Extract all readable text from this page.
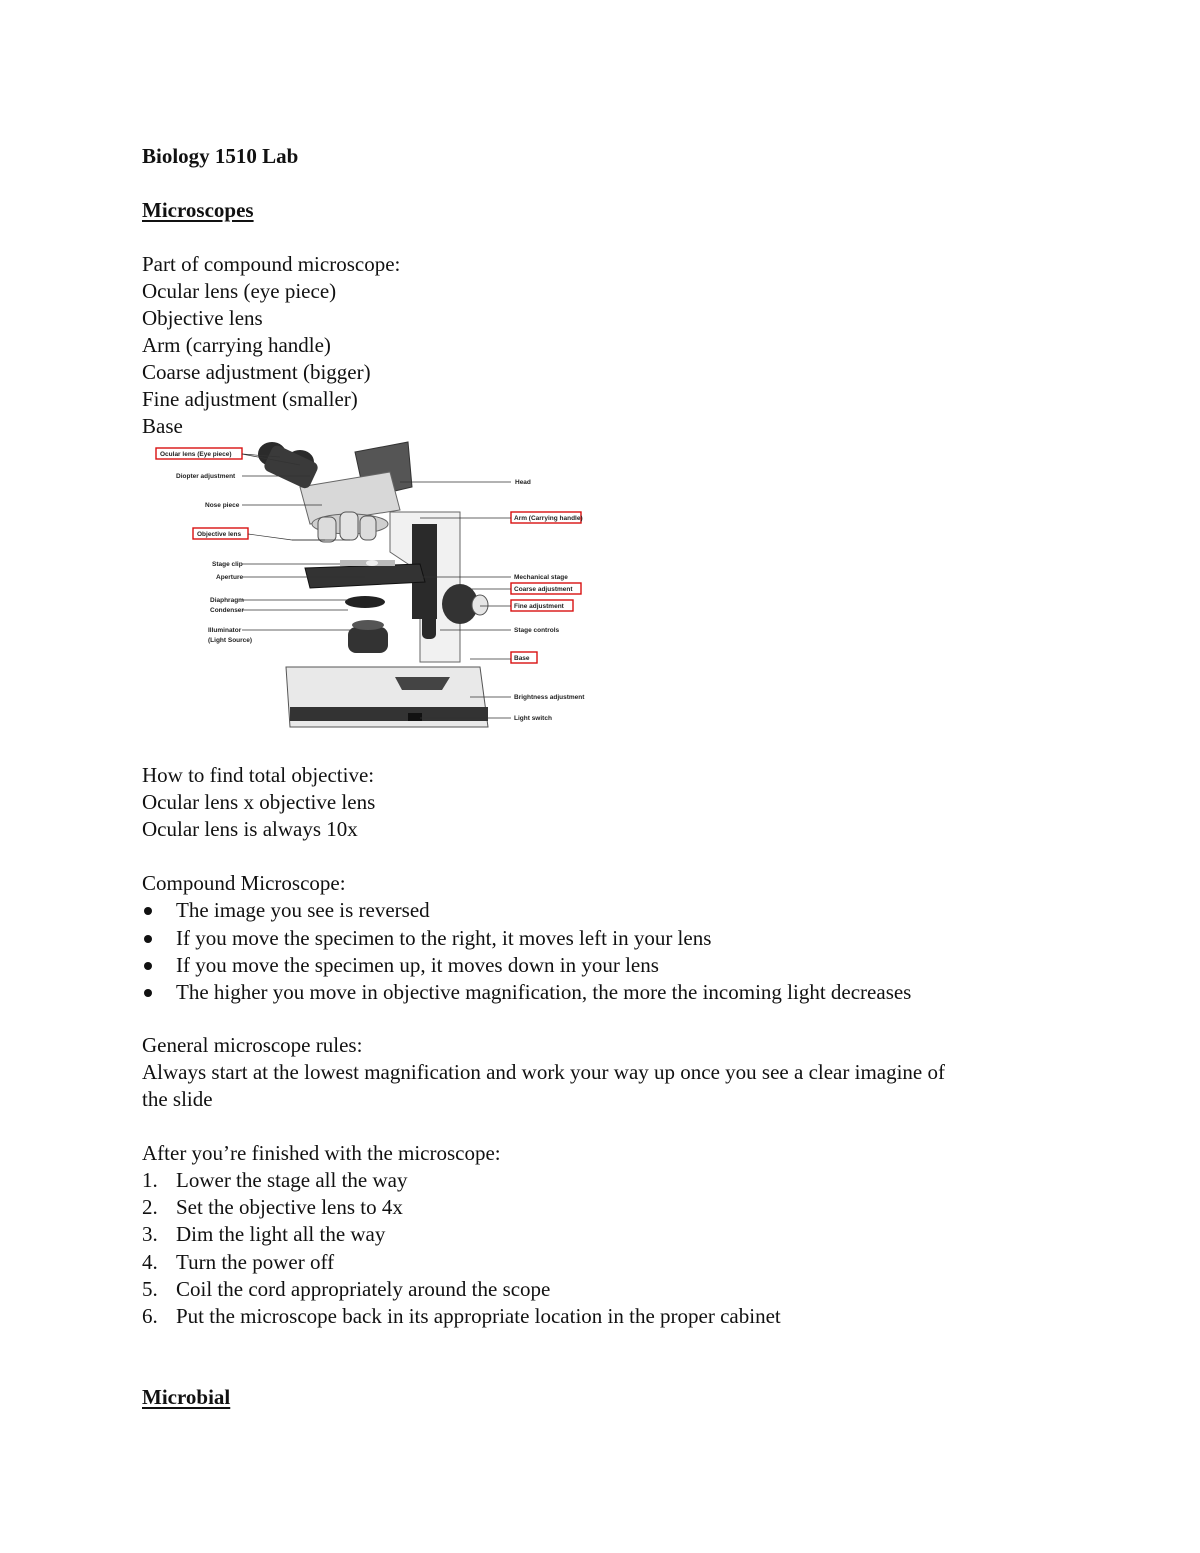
Biology 1510 Lab
Microscopes
Part of compound microscope:
Ocular lens (eye piece)
Objective lens
Arm (carrying handle)
Coarse adjustment (bigger)
Fine adjustment (smaller)
Base
Ocular lens (Eye piece)
Diopter adjustment
Nose piece
Objective lens
Stage clip
Aperture
Diaphragm
Condenser
Illuminator
(Light Source)
Head
Arm (Carrying handle)
Mechanical stage
Coarse adjustment
Fine adjustment
Stage controls
Base
Brightness adjustment
Light switch
How to find total objective:
Ocular lens x objective lens
Ocular lens is always 10x
Compound Microscope:
The image you see is reversed
If you move the specimen to the right, it moves left in your lens
If you move the specimen up, it moves down in your lens
The higher you move in objective magnification, the more the incoming light decreases
General microscope rules:
Always start at the lowest magnification and work your way up once you see a clear imagine of
the slide
After you’re finished with the microscope:
1. Lower the stage all the way
2. Set the objective lens to 4x
3. Dim the light all the way
4. Turn the power off
5. Coil the cord appropriately around the scope
6. Put the microscope back in its appropriate location in the proper cabinet
Microbial
